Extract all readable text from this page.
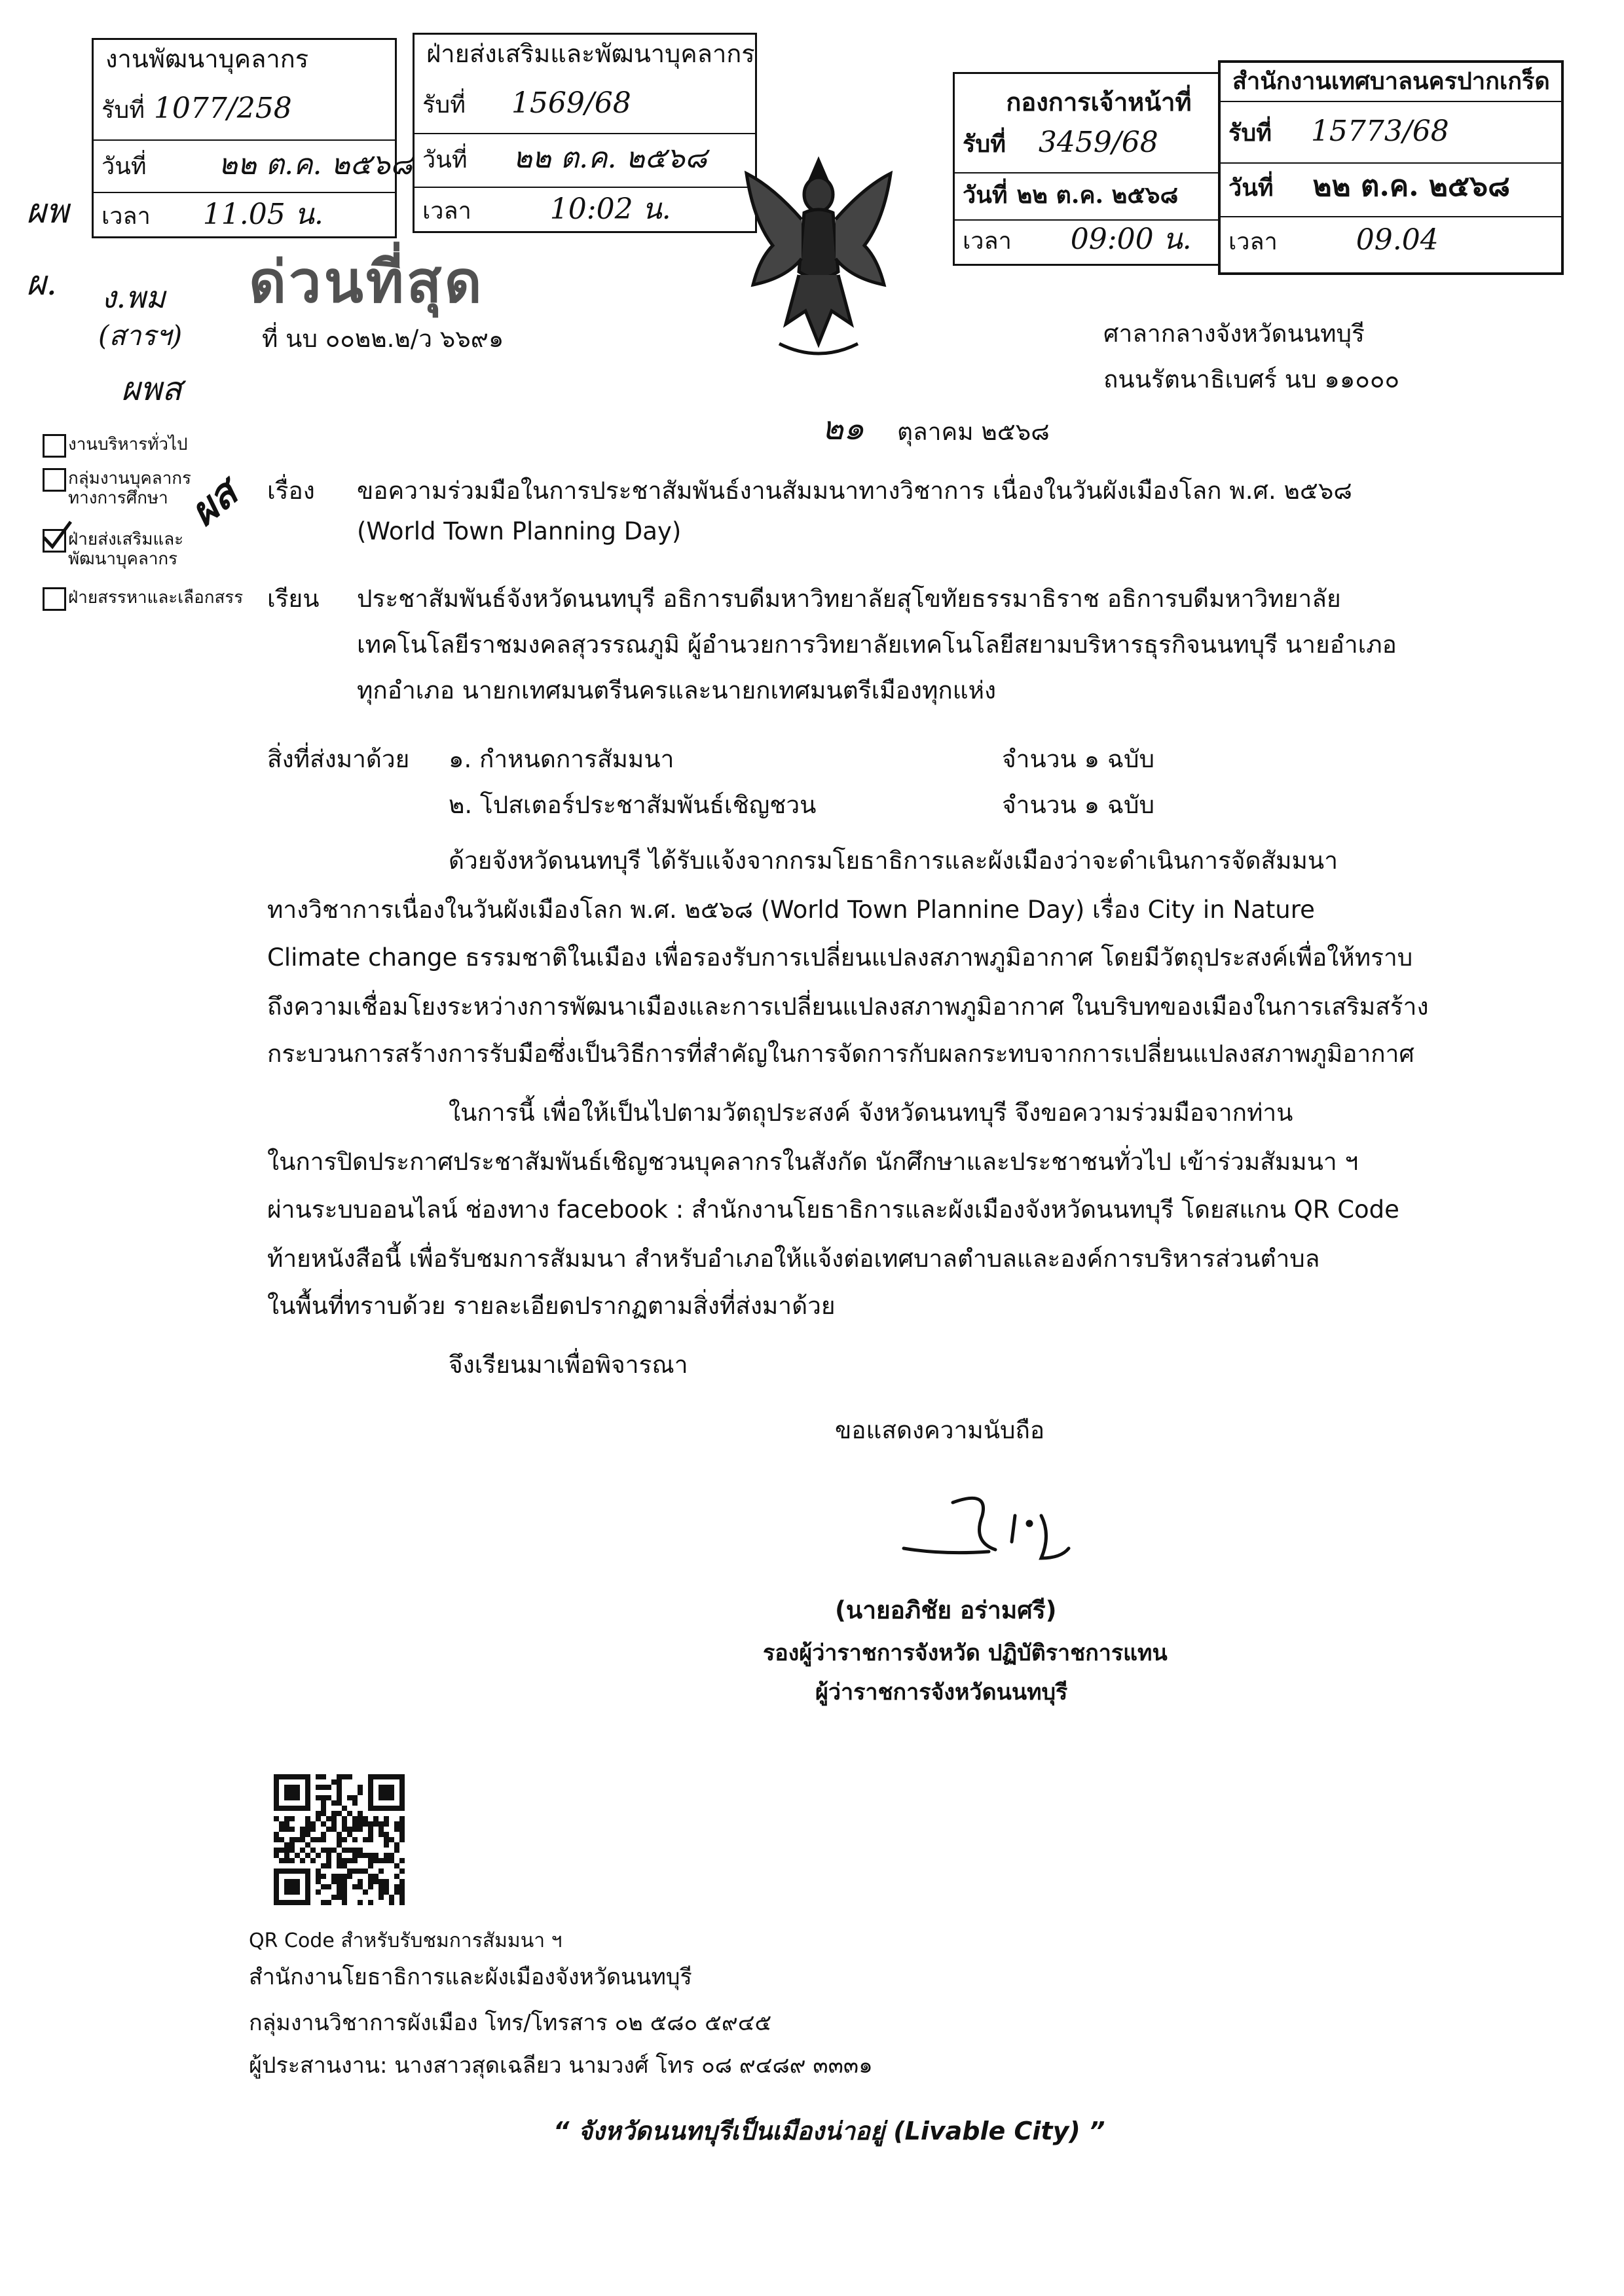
งานพัฒนาบุคลากร
รับที่ 1077/258
วันที่	๒๒ ต.ค. ๒๕๖๘
เวลา 11.05 น.
ฝ่ายส่งเสริมและพัฒนาบุคลากร
รับที่ 1569/68
วันที่ ๒๒ ต.ค. ๒๕๖๘
เวลา	10:02 น.
กองการเจ้าหน้าที่
รับที่ 3459/68
วันที่ ๒๒ ต.ค. ๒๕๖๘
เวลา 09:00 น.
สำนักงานเทศบาลนครปากเกร็ด
รับที่ 15773/68
วันที่ ๒๒ ต.ค. ๒๕๖๘
เวลา	09.04
ด่วนที่สุด
ที่ นบ ๐๐๒๒.๒/ว ๖๖๙๑	ศาลากลางจังหวัดนนทบุรี
ถนนรัตนาธิเบศร์ นบ ๑๑๐๐๐
๒๑ ตุลาคม ๒๕๖๘
ผพ
ผ. ง.พม
(สารฯ)
ผพส
งานบริหารทั่วไป
กลุ่มงานบุคลากรทางการศึกษา
ฝ่ายส่งเสริมและพัฒนาบุคลากร
ฝ่ายสรรหาและเลือกสรร
ผส เรื่อง ขอความร่วมมือในการประชาสัมพันธ์งานสัมมนาทางวิชาการ เนื่องในวันผังเมืองโลก พ.ศ. ๒๕๖๘
(World Town Planning Day)
เรียน ประชาสัมพันธ์จังหวัดนนทบุรี อธิการบดีมหาวิทยาลัยสุโขทัยธรรมาธิราช อธิการบดีมหาวิทยาลัย
เทคโนโลยีราชมงคลสุวรรณภูมิ ผู้อำนวยการวิทยาลัยเทคโนโลยีสยามบริหารธุรกิจนนทบุรี นายอำเภอ
ทุกอำเภอ นายกเทศมนตรีนครและนายกเทศมนตรีเมืองทุกแห่ง
สิ่งที่ส่งมาด้วย ๑. กำหนดการสัมมนา	จำนวน ๑ ฉบับ
๒. โปสเตอร์ประชาสัมพันธ์เชิญชวน	จำนวน ๑ ฉบับ
ด้วยจังหวัดนนทบุรี ได้รับแจ้งจากกรมโยธาธิการและผังเมืองว่าจะดำเนินการจัดสัมมนา
ทางวิชาการเนื่องในวันผังเมืองโลก พ.ศ. ๒๕๖๘ (World Town Plannine Day) เรื่อง City in Nature
Climate change ธรรมชาติในเมือง เพื่อรองรับการเปลี่ยนแปลงสภาพภูมิอากาศ โดยมีวัตถุประสงค์เพื่อให้ทราบ
ถึงความเชื่อมโยงระหว่างการพัฒนาเมืองและการเปลี่ยนแปลงสภาพภูมิอากาศ ในบริบทของเมืองในการเสริมสร้าง
กระบวนการสร้างการรับมือซึ่งเป็นวิธีการที่สำคัญในการจัดการกับผลกระทบจากการเปลี่ยนแปลงสภาพภูมิอากาศ
ในการนี้ เพื่อให้เป็นไปตามวัตถุประสงค์ จังหวัดนนทบุรี จึงขอความร่วมมือจากท่าน
ในการปิดประกาศประชาสัมพันธ์เชิญชวนบุคลากรในสังกัด นักศึกษาและประชาชนทั่วไป เข้าร่วมสัมมนา ฯ
ผ่านระบบออนไลน์ ช่องทาง facebook : สำนักงานโยธาธิการและผังเมืองจังหวัดนนทบุรี โดยสแกน QR Code
ท้ายหนังสือนี้ เพื่อรับชมการสัมมนา สำหรับอำเภอให้แจ้งต่อเทศบาลตำบลและองค์การบริหารส่วนตำบล
ในพื้นที่ทราบด้วย รายละเอียดปรากฏตามสิ่งที่ส่งมาด้วย
จึงเรียนมาเพื่อพิจารณา
ขอแสดงความนับถือ
(นายอภิชัย อร่ามศรี)
รองผู้ว่าราชการจังหวัด ปฏิบัติราชการแทน
ผู้ว่าราชการจังหวัดนนทบุรี
QR Code สำหรับรับชมการสัมมนา ฯ
สำนักงานโยธาธิการและผังเมืองจังหวัดนนทบุรี
กลุ่มงานวิชาการผังเมือง โทร/โทรสาร ๐๒ ๕๘๐ ๕๙๔๕
ผู้ประสานงาน: นางสาวสุดเฉลียว นามวงศ์ โทร ๐๘ ๙๔๘๙ ๓๓๓๑
“ จังหวัดนนทบุรีเป็นเมืองน่าอยู่ (Livable City) ”
